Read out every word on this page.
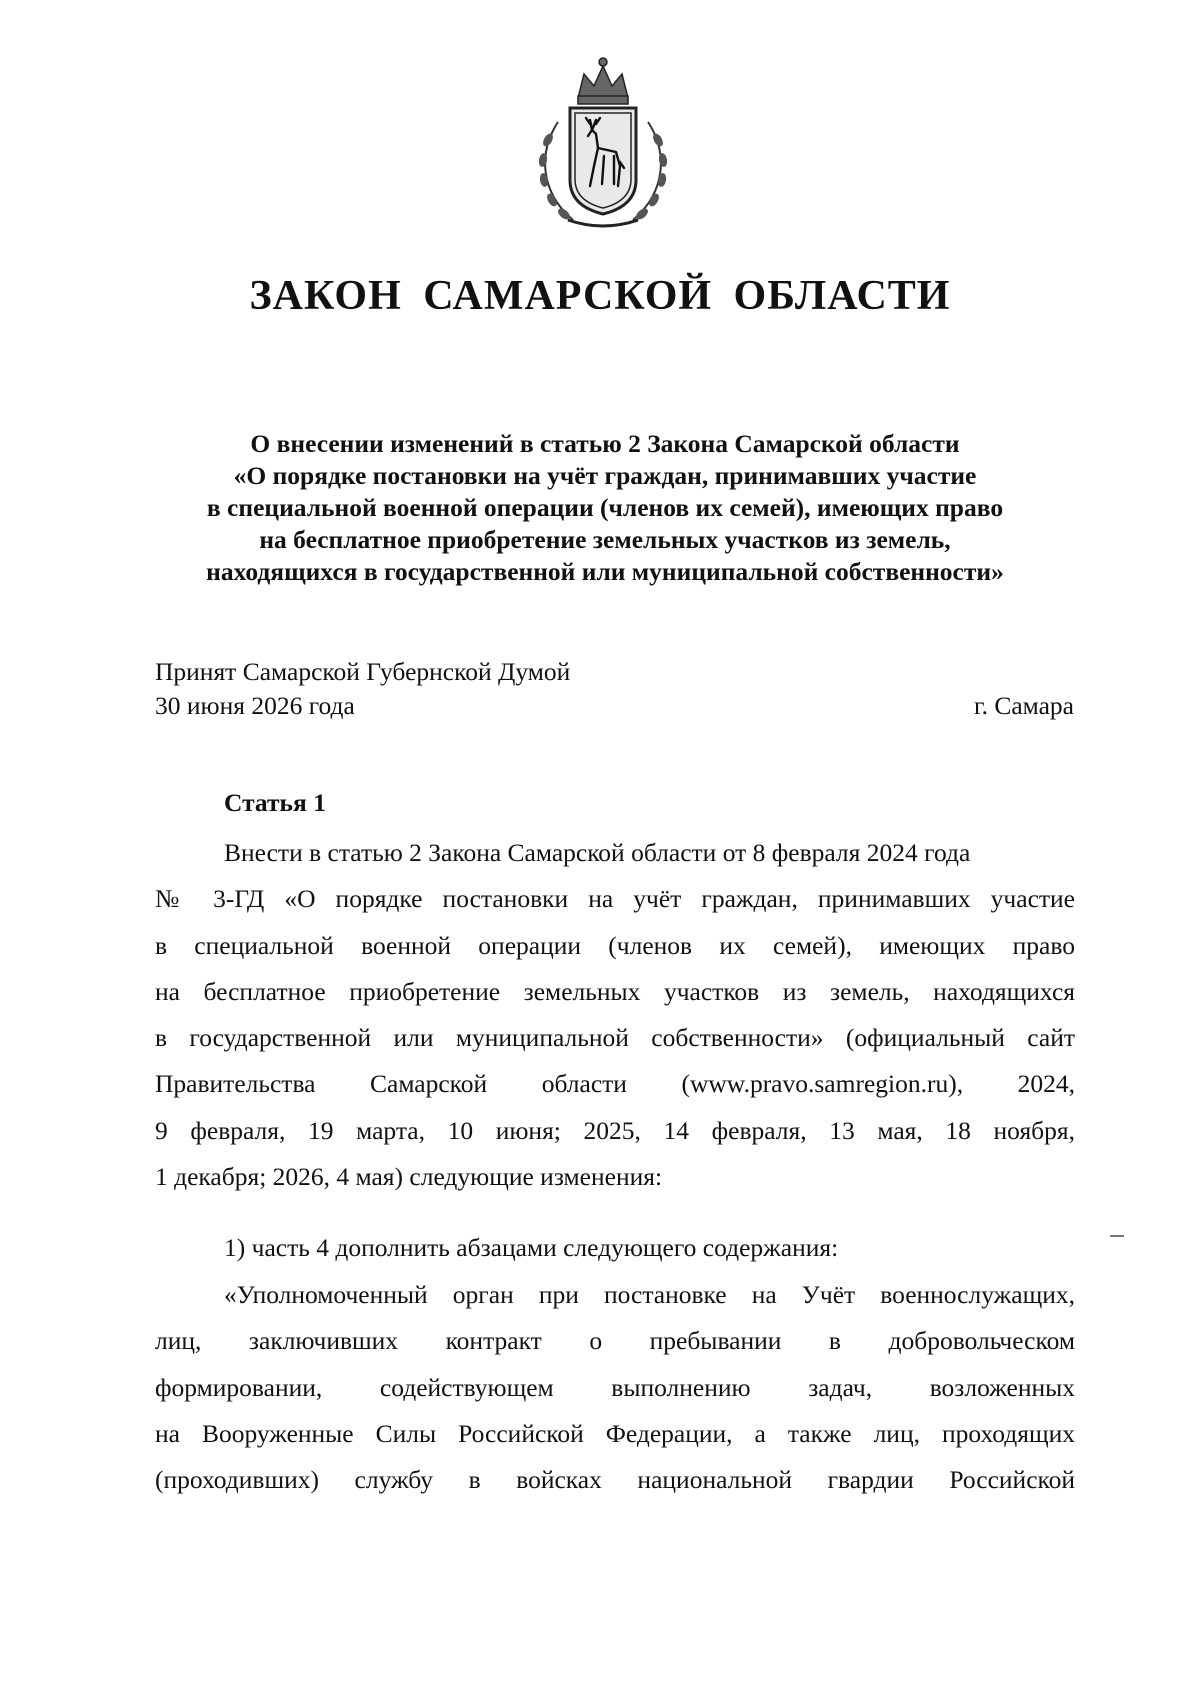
ЗАКОН САМАРСКОЙ ОБЛАСТИ
О внесении изменений в статью 2 Закона Самарской области
«О порядке постановки на учёт граждан, принимавших участие
в специальной военной операции (членов их семей), имеющих право
на бесплатное приобретение земельных участков из земель,
находящихся в государственной или муниципальной собственности»
Принят Самарской Губернской Думой
30 июня 2026 года	г. Самара
Статья 1
Внести в статью 2 Закона Самарской области от 8 февраля 2024 года
№ 3-ГД «О порядке постановки на учёт граждан, принимавших участие
в специальной военной операции (членов их семей), имеющих право
на бесплатное приобретение земельных участков из земель, находящихся
в государственной или муниципальной собственности» (официальный сайт
Правительства Самарской области (www.pravo.samregion.ru), 2024,
9 февраля, 19 марта, 10 июня; 2025, 14 февраля, 13 мая, 18 ноября,
1 декабря; 2026, 4 мая) следующие изменения:
1) часть 4 дополнить абзацами следующего содержания:
«Уполномоченный орган при постановке на Учёт военнослужащих,
лиц, заключивших контракт о пребывании в добровольческом
формировании, содействующем выполнению задач, возложенных
на Вооруженные Силы Российской Федерации, а также лиц, проходящих
(проходивших) службу в войсках национальной гвардии Российской
